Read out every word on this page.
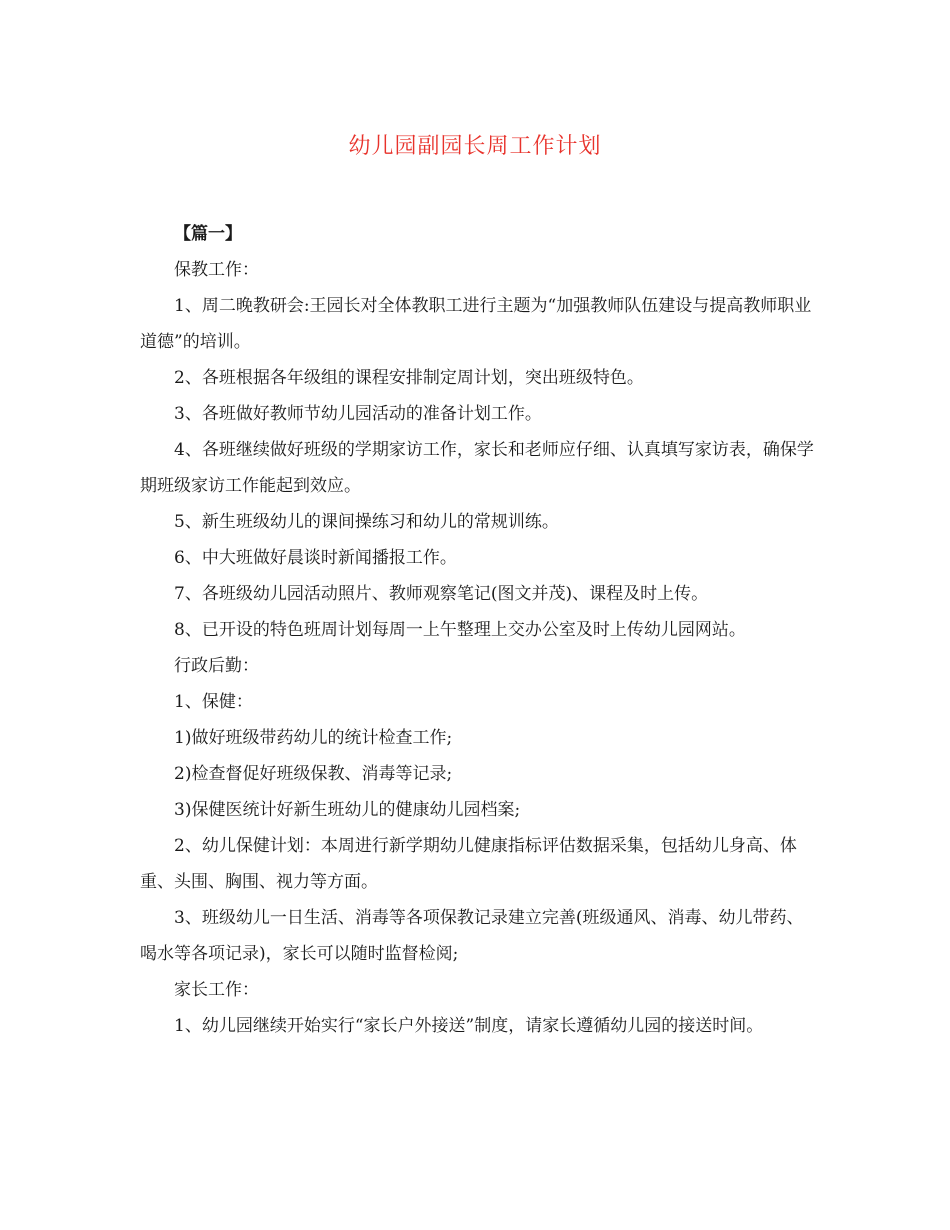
幼儿园副园长周工作计划

【篇一】

保教工作：

1、周二晚教研会:王园长对全体教职工进行主题为“加强教师队伍建设与提高教师职业道德”的培训。

2、各班根据各年级组的课程安排制定周计划，突出班级特色。

3、各班做好教师节幼儿园活动的准备计划工作。

4、各班继续做好班级的学期家访工作，家长和老师应仔细、认真填写家访表，确保学期班级家访工作能起到效应。

5、新生班级幼儿的课间操练习和幼儿的常规训练。

6、中大班做好晨谈时新闻播报工作。

7、各班级幼儿园活动照片、教师观察笔记(图文并茂)、课程及时上传。

8、已开设的特色班周计划每周一上午整理上交办公室及时上传幼儿园网站。

行政后勤：

1、保健：

1)做好班级带药幼儿的统计检查工作;

2)检查督促好班级保教、消毒等记录;

3)保健医统计好新生班幼儿的健康幼儿园档案;

2、幼儿保健计划：本周进行新学期幼儿健康指标评估数据采集，包括幼儿身高、体重、头围、胸围、视力等方面。

3、班级幼儿一日生活、消毒等各项保教记录建立完善(班级通风、消毒、幼儿带药、喝水等各项记录)，家长可以随时监督检阅;

家长工作：

1、幼儿园继续开始实行“家长户外接送”制度，请家长遵循幼儿园的接送时间。
